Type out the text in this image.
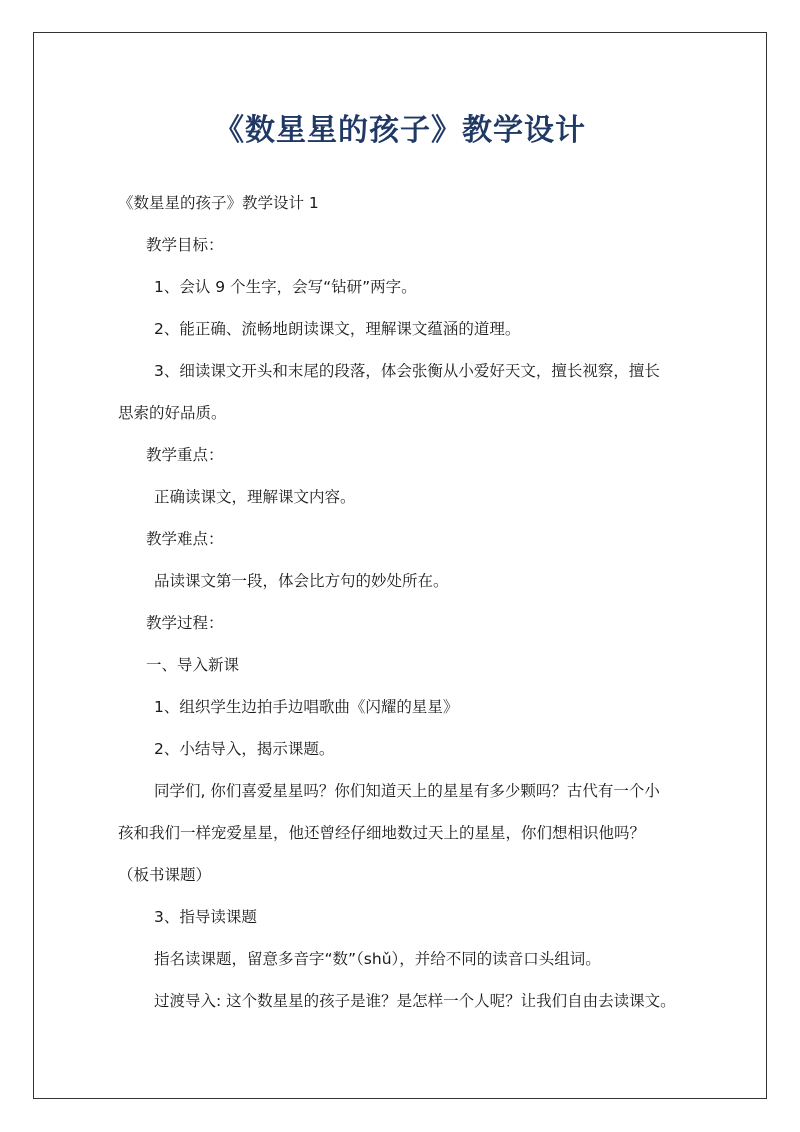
《数星星的孩子》教学设计
《数星星的孩子》教学设计 1
教学目标：
1、会认 9 个生字，会写“钻研”两字。
2、能正确、流畅地朗读课文，理解课文蕴涵的道理。
3、细读课文开头和末尾的段落，体会张衡从小爱好天文，擅长视察，擅长
思索的好品质。
教学重点：
正确读课文，理解课文内容。
教学难点：
品读课文第一段，体会比方句的妙处所在。
教学过程：
一、导入新课
1、组织学生边拍手边唱歌曲《闪耀的星星》
2、小结导入，揭示课题。
同学们, 你们喜爱星星吗？你们知道天上的星星有多少颗吗？古代有一个小
孩和我们一样宠爱星星，他还曾经仔细地数过天上的星星，你们想相识他吗？
（板书课题）
3、指导读课题
指名读课题，留意多音字“数”（shǔ），并给不同的读音口头组词。
过渡导入: 这个数星星的孩子是谁？是怎样一个人呢？让我们自由去读课文。
